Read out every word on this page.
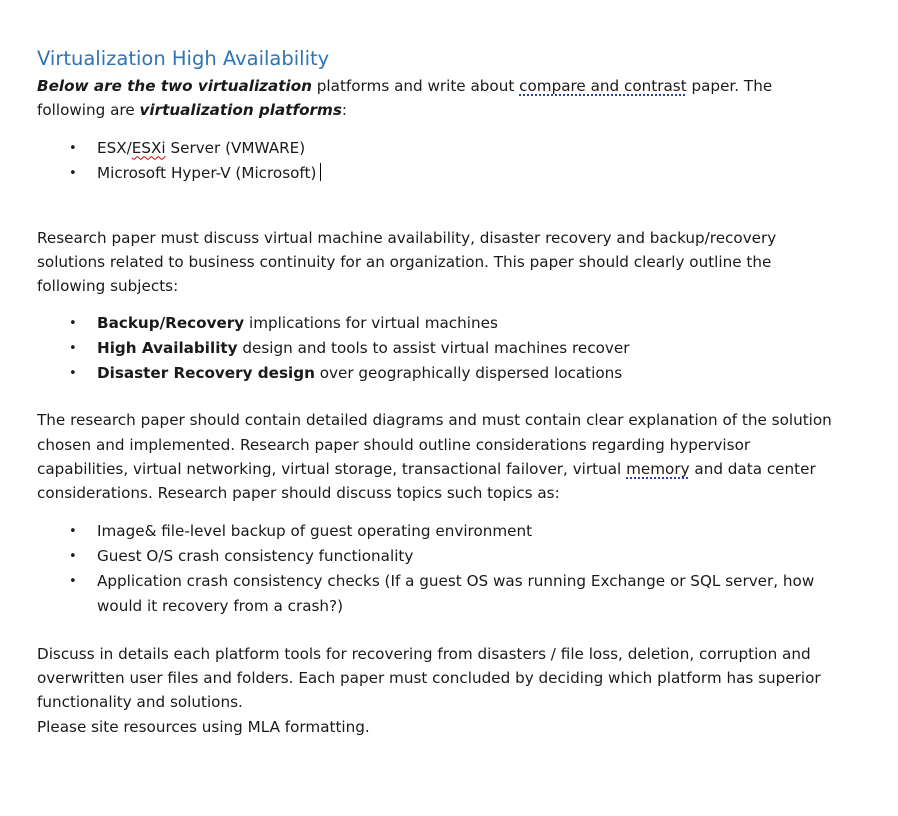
Virtualization High Availability

Below are the two virtualization platforms and write about compare and contrast paper. The following are virtualization platforms:

• ESX/ESXi Server (VMWARE)
• Microsoft Hyper-V (Microsoft)

Research paper must discuss virtual machine availability, disaster recovery and backup/recovery solutions related to business continuity for an organization. This paper should clearly outline the following subjects:

• Backup/Recovery implications for virtual machines
• High Availability design and tools to assist virtual machines recover
• Disaster Recovery design over geographically dispersed locations

The research paper should contain detailed diagrams and must contain clear explanation of the solution chosen and implemented. Research paper should outline considerations regarding hypervisor capabilities, virtual networking, virtual storage, transactional failover, virtual memory and data center considerations. Research paper should discuss topics such topics as:

• Image& file-level backup of guest operating environment
• Guest O/S crash consistency functionality
• Application crash consistency checks (If a guest OS was running Exchange or SQL server, how would it recovery from a crash?)

Discuss in details each platform tools for recovering from disasters / file loss, deletion, corruption and overwritten user files and folders. Each paper must concluded by deciding which platform has superior functionality and solutions.

Please site resources using MLA formatting.
